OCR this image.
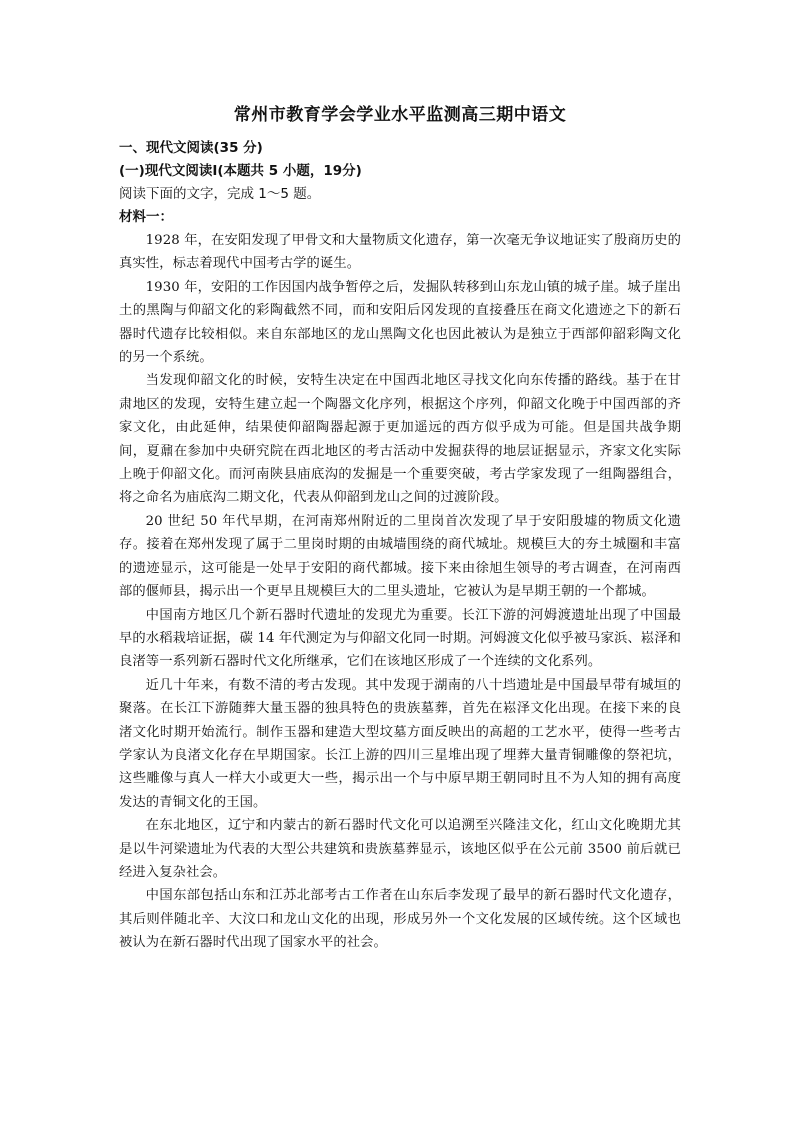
常州市教育学会学业水平监测高三期中语文

一、现代文阅读(35 分)

(一)现代文阅读Ⅰ(本题共 5 小题，19分)

阅读下面的文字，完成 1～5 题。

材料一：

1928 年，在安阳发现了甲骨文和大量物质文化遗存，第一次毫无争议地证实了殷商历史的真实性，标志着现代中国考古学的诞生。

1930 年，安阳的工作因国内战争暂停之后，发掘队转移到山东龙山镇的城子崖。城子崖出土的黑陶与仰韶文化的彩陶截然不同，而和安阳后冈发现的直接叠压在商文化遗迹之下的新石器时代遗存比较相似。来自东部地区的龙山黑陶文化也因此被认为是独立于西部仰韶彩陶文化的另一个系统。

当发现仰韶文化的时候，安特生决定在中国西北地区寻找文化向东传播的路线。基于在甘肃地区的发现，安特生建立起一个陶器文化序列，根据这个序列，仰韶文化晚于中国西部的齐家文化，由此延伸，结果使仰韶陶器起源于更加遥远的西方似乎成为可能。但是国共战争期间，夏鼐在参加中央研究院在西北地区的考古活动中发掘获得的地层证据显示，齐家文化实际上晚于仰韶文化。而河南陕县庙底沟的发掘是一个重要突破，考古学家发现了一组陶器组合，将之命名为庙底沟二期文化，代表从仰韶到龙山之间的过渡阶段。

20 世纪 50 年代早期，在河南郑州附近的二里岗首次发现了早于安阳殷墟的物质文化遗存。接着在郑州发现了属于二里岗时期的由城墙围绕的商代城址。规模巨大的夯土城圈和丰富的遗迹显示，这可能是一处早于安阳的商代都城。接下来由徐旭生领导的考古调查，在河南西部的偃师县，揭示出一个更早且规模巨大的二里头遗址，它被认为是早期王朝的一个都城。

中国南方地区几个新石器时代遗址的发现尤为重要。长江下游的河姆渡遗址出现了中国最早的水稻栽培证据，碳 14 年代测定为与仰韶文化同一时期。河姆渡文化似乎被马家浜、崧泽和良渚等一系列新石器时代文化所继承，它们在该地区形成了一个连续的文化系列。

近几十年来，有数不清的考古发现。其中发现于湖南的八十垱遗址是中国最早带有城垣的聚落。在长江下游随葬大量玉器的独具特色的贵族墓葬，首先在崧泽文化出现。在接下来的良渚文化时期开始流行。制作玉器和建造大型坟墓方面反映出的高超的工艺水平，使得一些考古学家认为良渚文化存在早期国家。长江上游的四川三星堆出现了埋葬大量青铜雕像的祭祀坑，这些雕像与真人一样大小或更大一些，揭示出一个与中原早期王朝同时且不为人知的拥有高度发达的青铜文化的王国。

在东北地区，辽宁和内蒙古的新石器时代文化可以追溯至兴隆洼文化，红山文化晚期尤其是以牛河梁遗址为代表的大型公共建筑和贵族墓葬显示，该地区似乎在公元前 3500 前后就已经进入复杂社会。

中国东部包括山东和江苏北部考古工作者在山东后李发现了最早的新石器时代文化遗存，其后则伴随北辛、大汶口和龙山文化的出现，形成另外一个文化发展的区域传统。这个区域也被认为在新石器时代出现了国家水平的社会。
